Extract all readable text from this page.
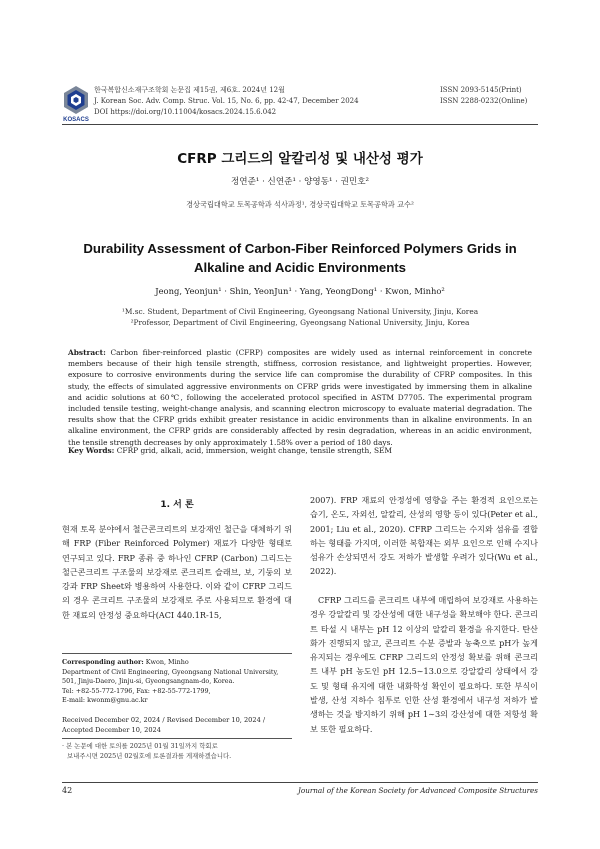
KOSACS
한국복합신소재구조학회 논문집 제15권, 제6호. 2024년 12월
J. Korean Soc. Adv. Comp. Struc. Vol. 15, No. 6, pp. 42-47, December 2024
DOI https://doi.org/10.11004/kosacs.2024.15.6.042
ISSN 2093-5145(Print)
ISSN 2288-0232(Online)
CFRP 그리드의 알칼리성 및 내산성 평가
정연준¹ · 신연준¹ · 양영동¹ · 권민호²
경상국립대학교 토목공학과 석사과정¹, 경상국립대학교 토목공학과 교수²
Durability Assessment of Carbon-Fiber Reinforced Polymers Grids in
Alkaline and Acidic Environments
Jeong, Yeonjun¹ · Shin, YeonJun¹ · Yang, YeongDong¹ · Kwon, Minho²
¹M.sc. Student, Department of Civil Engineering, Gyeongsang National University, Jinju, Korea
²Professor, Department of Civil Engineering, Gyeongsang National University, Jinju, Korea
Abstract: Carbon fiber-reinforced plastic (CFRP) composites are widely used as internal reinforcement in concrete members because of their high tensile strength, stiffness, corrosion resistance, and lightweight properties. However, exposure to corrosive environments during the service life can compromise the durability of CFRP composites. In this study, the effects of simulated aggressive environments on CFRP grids were investigated by immersing them in alkaline and acidic solutions at 60℃, following the accelerated protocol specified in ASTM D7705. The experimental program included tensile testing, weight-change analysis, and scanning electron microscopy to evaluate material degradation. The results show that the CFRP grids exhibit greater resistance in acidic environments than in alkaline environments. In an alkaline environment, the CFRP grids are considerably affected by resin degradation, whereas in an acidic environment, the tensile strength decreases by only approximately 1.58% over a period of 180 days.
Key Words: CFRP grid, alkali, acid, immersion, weight change, tensile strength, SEM
1. 서 론
현재 토목 분야에서 철근콘크리트의 보강재인 철근을 대체하기 위해 FRP (Fiber Reinforced Polymer) 재료가 다양한 형태로 연구되고 있다. FRP 종류 중 하나인 CFRP (Carbon) 그리드는 철근콘크리트 구조물의 보강재로 콘크리트 슬래브, 보, 기둥의 보강과 FRP Sheet와 병용하여 사용한다. 이와 같이 CFRP 그리드의 경우 콘크리트 구조물의 보강재로 주로 사용되므로 환경에 대한 재료의 안정성 중요하다(ACI 440.1R-15,
2007). FRP 재료의 안정성에 영향을 주는 환경적 요인으로는 습기, 온도, 자외선, 알칼리, 산성의 영향 등이 있다(Peter et al., 2001; Liu et al., 2020). CFRP 그리드는 수지와 섬유를 결합하는 형태를 가지며, 이러한 복합재는 외부 요인으로 인해 수지나 섬유가 손상되면서 강도 저하가 발생할 우려가 있다(Wu et al., 2022).
CFRP 그리드를 콘크리트 내부에 매립하여 보강재로 사용하는 경우 강알칼리 및 강산성에 대한 내구성을 확보해야 한다. 콘크리트 타설 시 내부는 pH 12 이상의 알칼리 환경을 유지한다. 탄산화가 진행되지 않고, 콘크리트 수분 증발과 농축으로 pH가 높게 유지되는 경우에도 CFRP 그리드의 안정성 확보를 위해 콘크리트 내부 pH 농도인 pH 12.5∼13.0으로 강알칼리 상태에서 강도 및 형태 유지에 대한 내화학성 확인이 필요하다. 또한 부식이 발생, 산성 지하수 침투로 인한 산성 환경에서 내구성 저하가 발생하는 것을 방지하기 위해 pH 1∼3의 강산성에 대한 저항성 확보 또한 필요하다.
Corresponding author: Kwon, Minho
Department of Civil Engineering, Gyeongsang National University,
501, Jinju-Daero, Jinju-si, Gyeongsangnam-do, Korea.
Tel: +82-55-772-1796, Fax: +82-55-772-1799,
E-mail: kwonm@gnu.ac.kr
Received December 02, 2024 / Revised December 10, 2024 /
Accepted December 10, 2024
· 본 논문에 대한 토의를 2025년 01월 31일까지 학회로
보내주시면 2025년 02월호에 토론결과를 게재하겠습니다.
42	Journal of the Korean Society for Advanced Composite Structures
